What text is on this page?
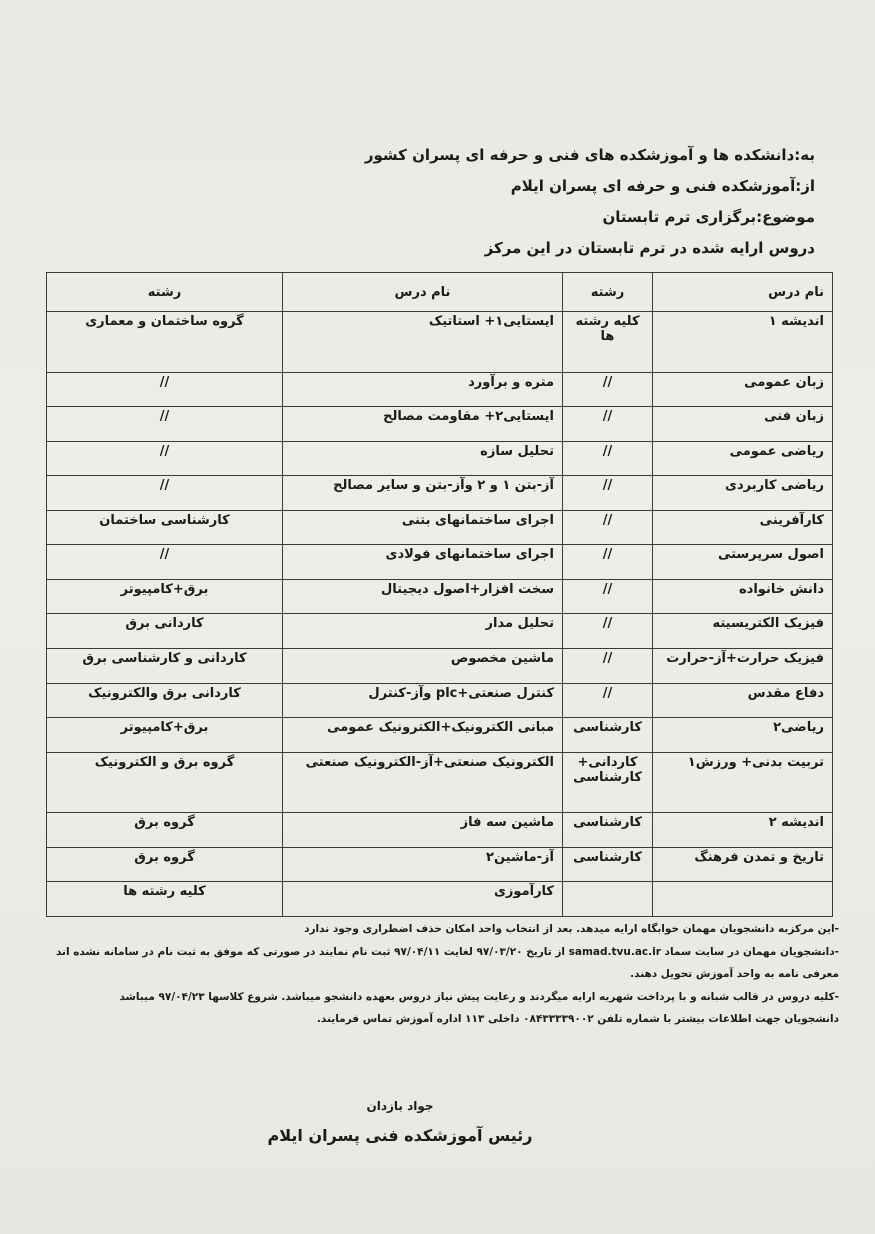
به:دانشکده ها و آموزشکده های فنی و حرفه ای پسران کشور
از:آموزشکده فنی و حرفه ای پسران ایلام
موضوع:برگزاری ترم تابستان
دروس ارایه شده در ترم تابستان در این مرکز
نام درس	رشته	نام درس	رشته
اندیشه ۱	کلیه رشته ها	ایستایی۱+ استاتیک	گروه ساختمان و معماری
زبان عمومی	//	متره و برآورد	//
زبان فنی	//	ایستایی۲+ مقاومت مصالح	//
ریاضی عمومی	//	تحلیل سازه	//
ریاضی کاربردی	//	آز-بتن ۱ و ۲ وآز-بتن و سایر مصالح	//
کارآفرینی	//	اجرای ساختمانهای بتنی	کارشناسی ساختمان
اصول سرپرستی	//	اجرای ساختمانهای فولادی	//
دانش خانواده	//	سخت افزار+اصول دیجیتال	برق+کامپیوتر
فیزیک الکتریسیته	//	تحلیل مدار	کاردانی برق
فیزیک حرارت+آز-حرارت	//	ماشین مخصوص	کاردانی و کارشناسی برق
دفاع مقدس	//	کنترل صنعتی+plc وآز-کنترل	کاردانی برق والکترونیک
ریاضی۲	کارشناسی	مبانی الکترونیک+الکترونیک عمومی	برق+کامپیوتر
تربیت بدنی+ ورزش۱	کاردانی+ کارشناسی	الکترونیک صنعتی+آز-الکترونیک صنعتی	گروه برق و الکترونیک
اندیشه ۲	کارشناسی	ماشین سه فاز	گروه برق
تاریخ و تمدن فرهنگ	کارشناسی	آز-ماشین۲	گروه برق
		کارآموزی	کلیه رشته ها
-این مرکزبه دانشجویان مهمان خوابگاه ارایه میدهد. بعد از انتخاب واحد امکان حذف اضطراری وجود ندارد
-دانشجویان مهمان در سایت سماد samad.tvu.ac.ir از تاریخ ۹۷/۰۳/۲۰ لغایت ۹۷/۰۴/۱۱ ثبت نام نمایند در صورتی که موفق به ثبت نام در سامانه نشده اند
معرفی نامه به واحد آموزش تحویل دهند.
-کلیه دروس در قالب شبانه و با پرداخت شهریه ارایه میگردند و رعایت پیش نیاز دروس بعهده دانشجو میباشد. شروع کلاسها ۹۷/۰۴/۲۳ میباشد
دانشجویان جهت اطلاعات بیشتر با شماره تلفن ۰۸۴۳۳۳۳۹۰۰۲ داخلی ۱۱۳ اداره آموزش تماس فرمایند.
جواد بازدان
رئیس آموزشکده فنی پسران ایلام
